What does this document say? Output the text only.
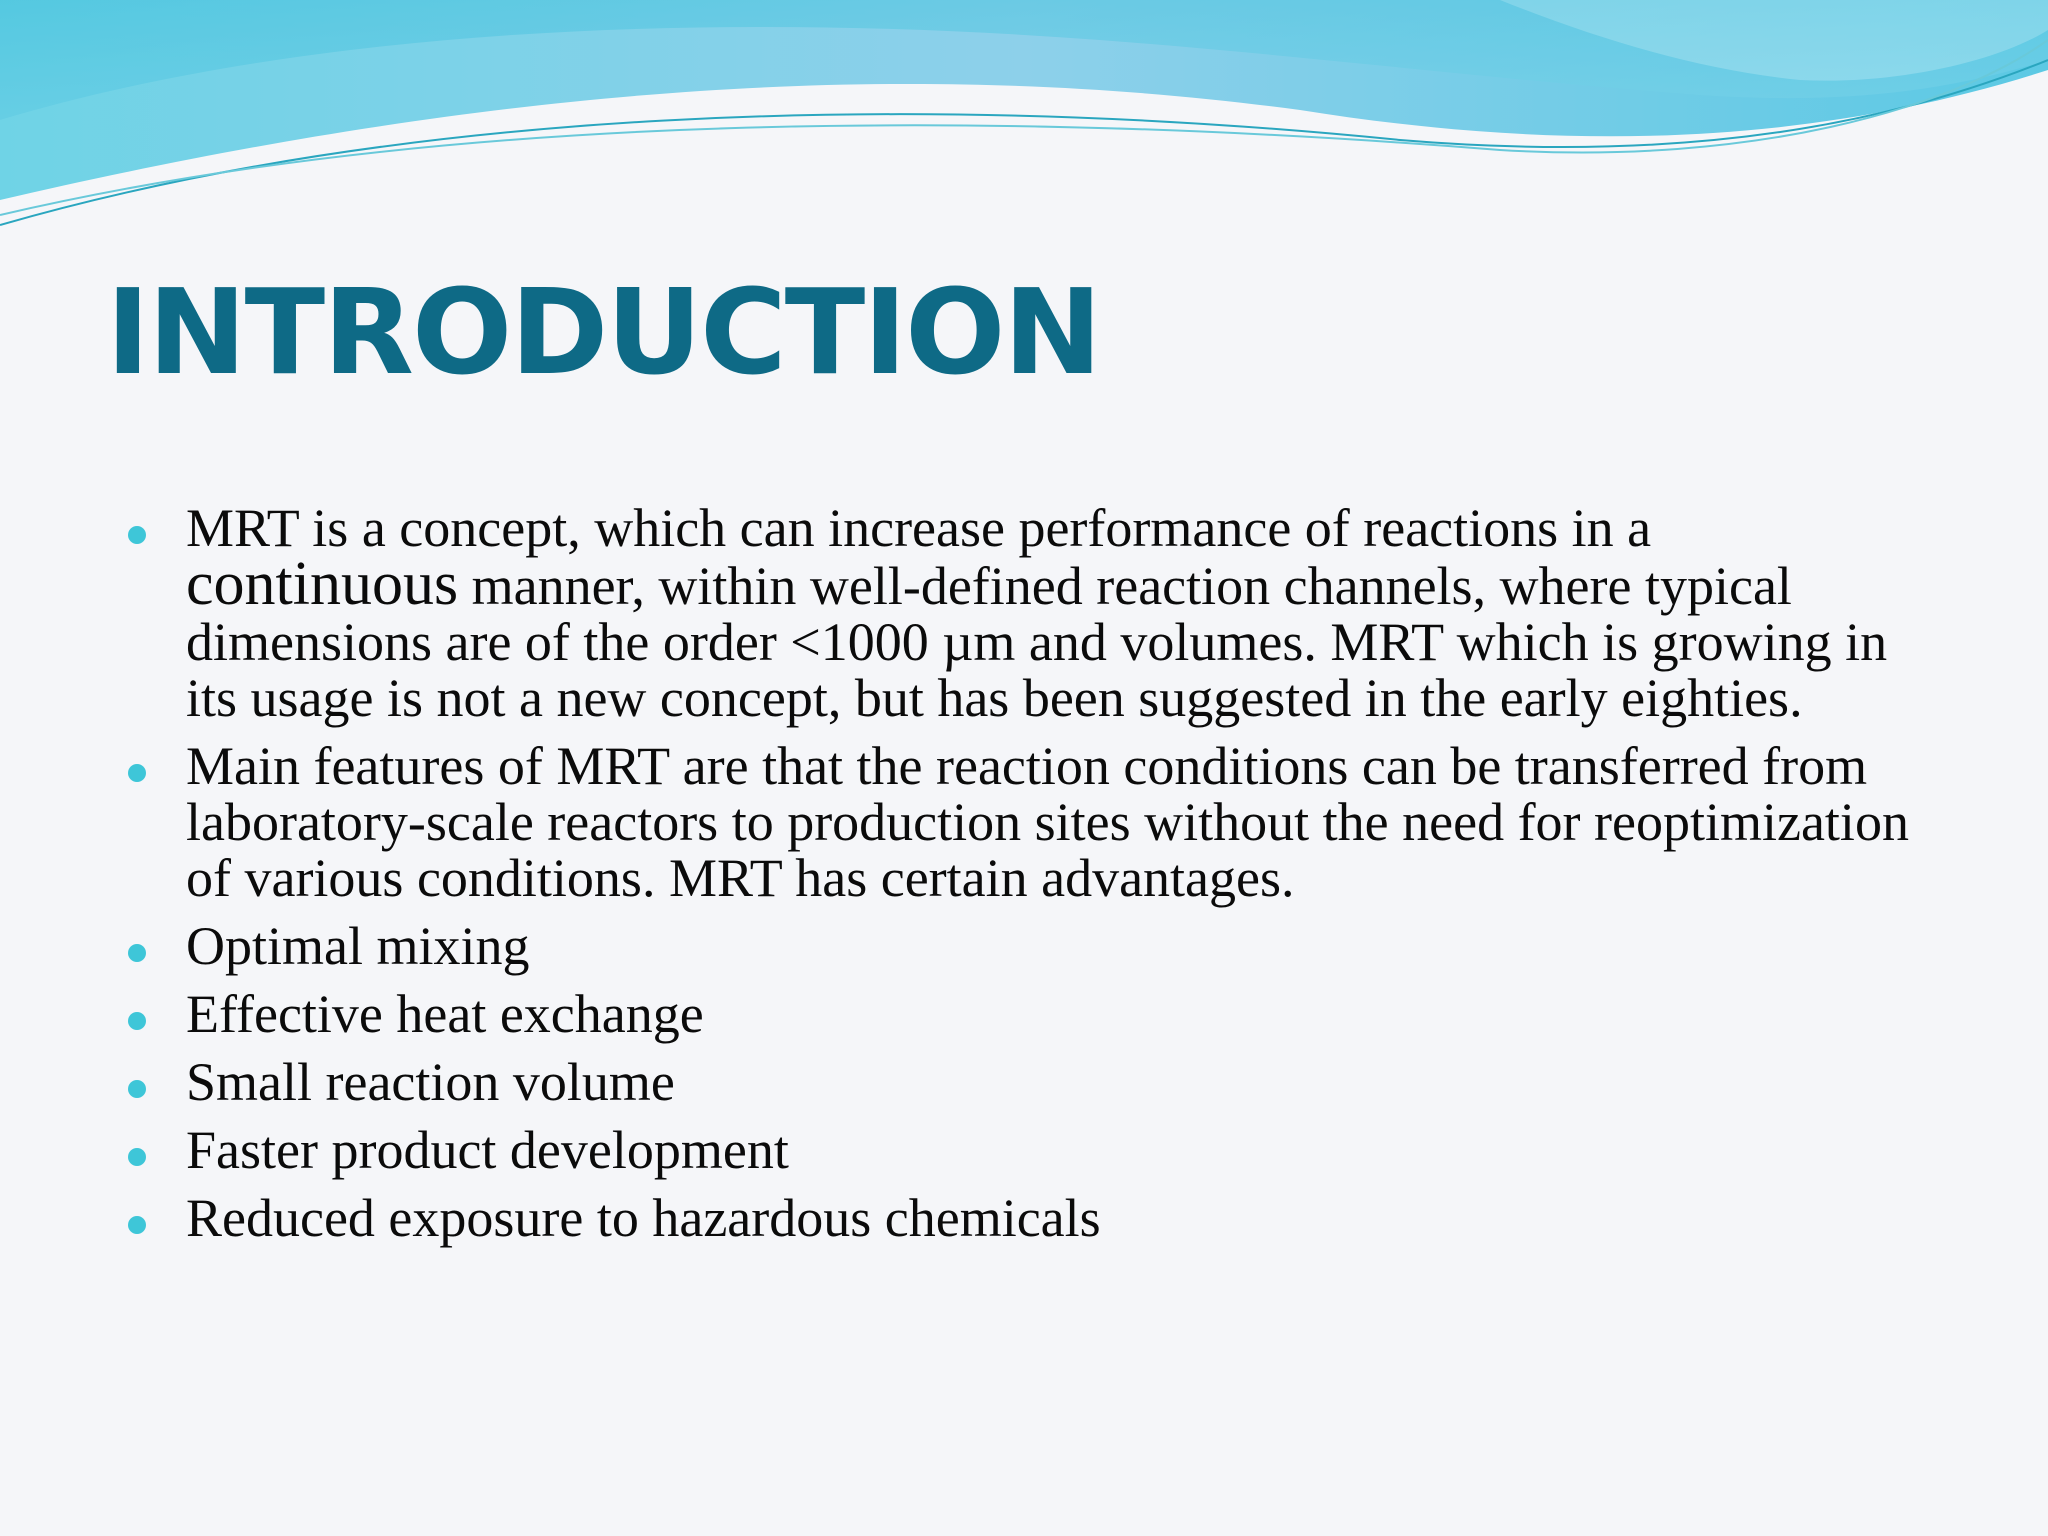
INTRODUCTION
MRT is a concept, which can increase performance of reactions in a continuous manner, within well-defined reaction channels, where typical dimensions are of the order <1000 µm and volumes. MRT which is growing in its usage is not a new concept, but has been suggested in the early eighties.
Main features of MRT are that the reaction conditions can be transferred from laboratory-scale reactors to production sites without the need for reoptimization of various conditions. MRT has certain advantages.
Optimal mixing
Effective heat exchange
Small reaction volume
Faster product development
Reduced exposure to hazardous chemicals
